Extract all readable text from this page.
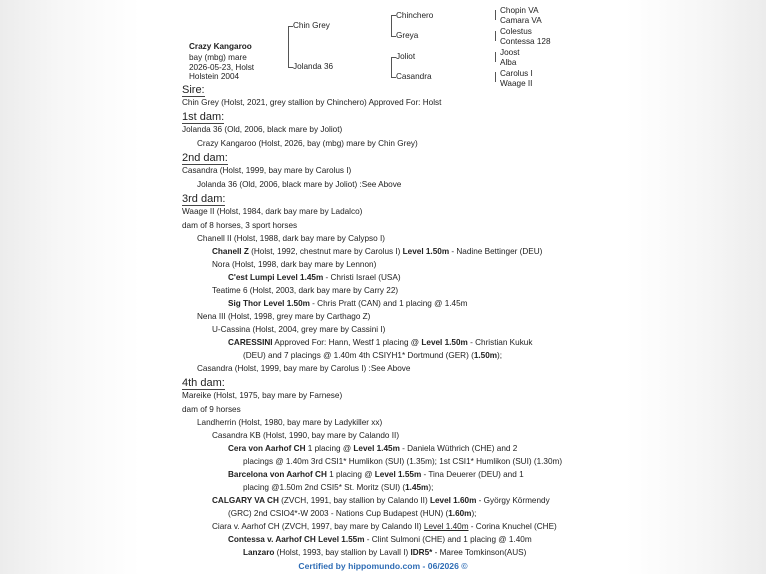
Crazy Kangaroo
bay (mbg) mare
2026-05-23, Holst
Holstein 2004
Chin Grey
Jolanda 36
Chinchero
Greya
Joliot
Casandra
Chopin VA
Camara VA
Colestus
Contessa 128
Joost
Alba
Carolus I
Waage II
Sire:
Chin Grey (Holst, 2021, grey stallion by Chinchero) Approved For: Holst
1st dam:
Jolanda 36 (Old, 2006, black mare by Joliot)
Crazy Kangaroo (Holst, 2026, bay (mbg) mare by Chin Grey)
2nd dam:
Casandra (Holst, 1999, bay mare by Carolus I)
Jolanda 36 (Old, 2006, black mare by Joliot) :See Above
3rd dam:
Waage II (Holst, 1984, dark bay mare by Ladalco)
dam of 8 horses, 3 sport horses
Chanell II (Holst, 1988, dark bay mare by Calypso I)
Chanell Z (Holst, 1992, chestnut mare by Carolus I) Level 1.50m - Nadine Bettinger (DEU)
Nora (Holst, 1998, dark bay mare by Lennon)
C'est Lumpi Level 1.45m - Christi Israel (USA)
Teatime 6 (Holst, 2003, dark bay mare by Carry 22)
Sig Thor Level 1.50m - Chris Pratt (CAN) and 1 placing @ 1.45m
Nena III (Holst, 1998, grey mare by Carthago Z)
U-Cassina (Holst, 2004, grey mare by Cassini I)
CARESSINI Approved For: Hann, Westf 1 placing @ Level 1.50m - Christian Kukuk
(DEU) and 7 placings @ 1.40m 4th CSIYH1* Dortmund (GER) (1.50m);
Casandra (Holst, 1999, bay mare by Carolus I) :See Above
4th dam:
Mareike (Holst, 1975, bay mare by Farnese)
dam of 9 horses
Landherrin (Holst, 1980, bay mare by Ladykiller xx)
Casandra KB (Holst, 1990, bay mare by Calando II)
Cera von Aarhof CH 1 placing @ Level 1.45m - Daniela Wüthrich (CHE) and 2
placings @ 1.40m 3rd CSI1* Humlikon (SUI) (1.35m); 1st CSI1* Humlikon (SUI) (1.30m)
Barcelona von Aarhof CH 1 placing @ Level 1.55m - Tina Deuerer (DEU) and 1
placing @1.50m 2nd CSI5* St. Moritz (SUI) (1.45m);
CALGARY VA CH (ZVCH, 1991, bay stallion by Calando II) Level 1.60m - György Körmendy
(GRC) 2nd CSIO4*-W 2003 - Nations Cup Budapest (HUN) (1.60m);
Ciara v. Aarhof CH (ZVCH, 1997, bay mare by Calando II) Level 1.40m - Corina Knuchel (CHE)
Contessa v. Aarhof CH Level 1.55m - Clint Sulmoni (CHE) and 1 placing @ 1.40m
Lanzaro (Holst, 1993, bay stallion by Lavall I) IDR5* - Maree Tomkinson(AUS)
Certified by hippomundo.com - 06/2026 ©
